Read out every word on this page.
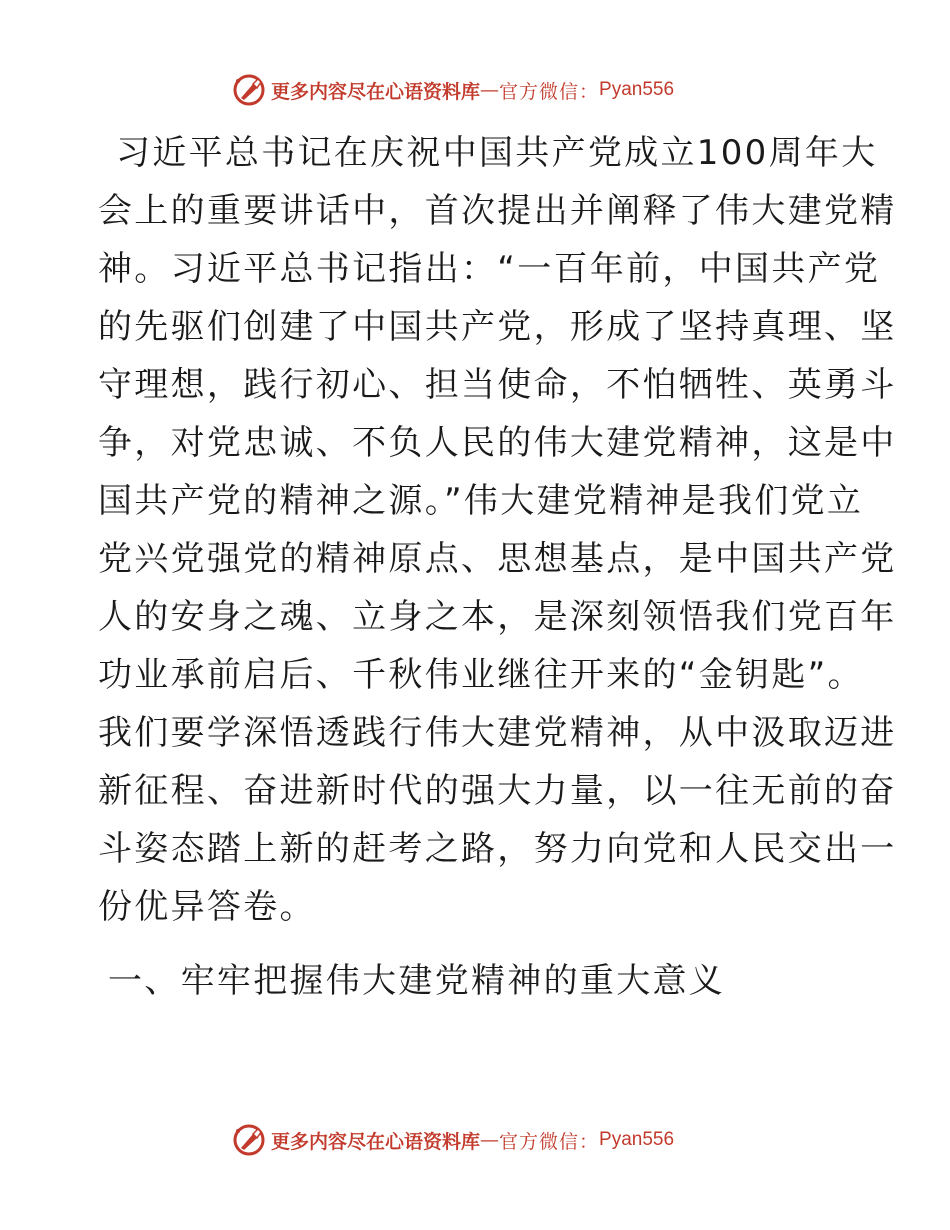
更多内容尽在心语资料库 — 官方微信： Pyan556
习近平总书记在庆祝中国共产党成立100周年大
会上的重要讲话中，首次提出并阐释了伟大建党精
神。习近平总书记指出：“一百年前，中国共产党
的先驱们创建了中国共产党，形成了坚持真理、坚
守理想，践行初心、担当使命，不怕牺牲、英勇斗
争，对党忠诚、不负人民的伟大建党精神，这是中
国共产党的精神之源。”伟大建党精神是我们党立
党兴党强党的精神原点、思想基点，是中国共产党
人的安身之魂、立身之本，是深刻领悟我们党百年
功业承前启后、千秋伟业继往开来的“金钥匙”。
我们要学深悟透践行伟大建党精神，从中汲取迈进
新征程、奋进新时代的强大力量，以一往无前的奋
斗姿态踏上新的赶考之路，努力向党和人民交出一
份优异答卷。
一、牢牢把握伟大建党精神的重大意义
更多内容尽在心语资料库 — 官方微信： Pyan556
